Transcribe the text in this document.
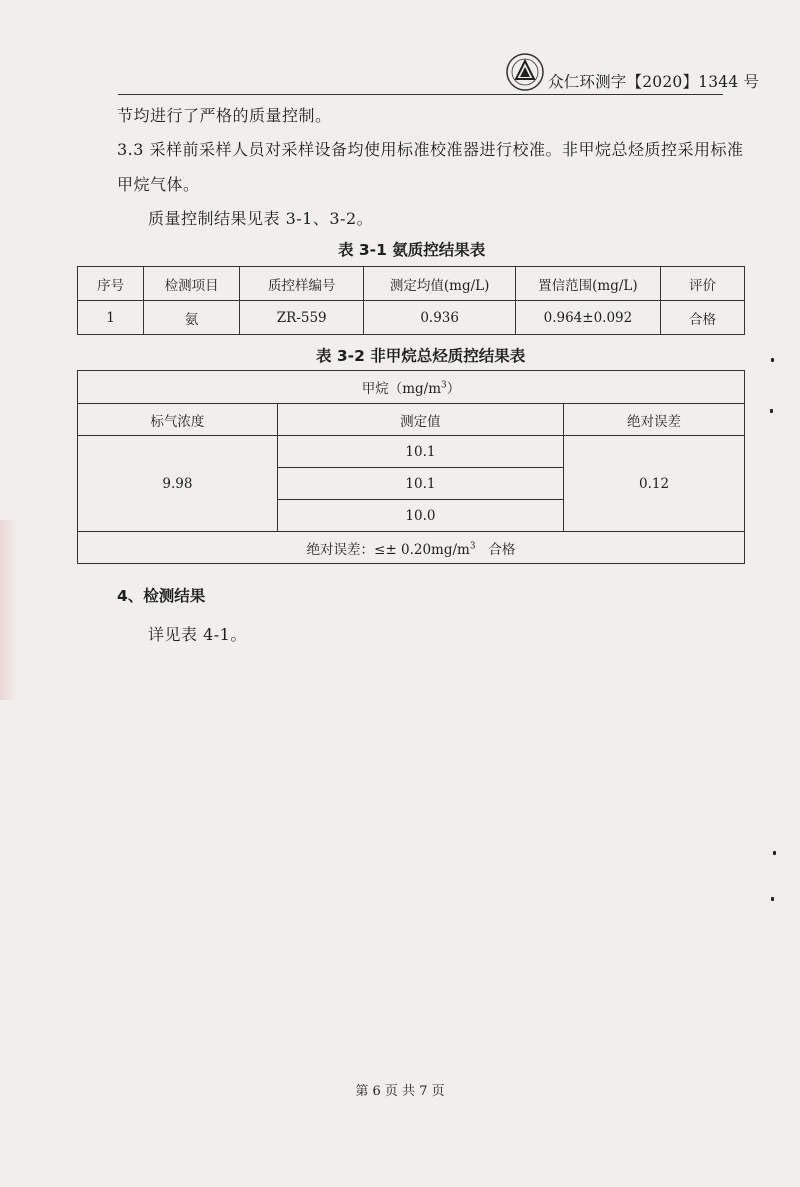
众仁环测字【2020】1344 号
节均进行了严格的质量控制。
3.3 采样前采样人员对采样设备均使用标准校准器进行校准。非甲烷总烃质控采用标准
甲烷气体。
质量控制结果见表 3-1、3-2。
表 3-1 氨质控结果表
序号	检测项目	质控样编号	测定均值(mg/L)	置信范围(mg/L)	评价
1	氨	ZR-559	0.936	0.964±0.092	合格
表 3-2 非甲烷总烃质控结果表
甲烷$(mg/m^3)$		
标气浓度	测定值	绝对误差
9.98	10.1	0.12
	10.1	
	10.0	
绝对误差：≤± $0.20mg/m^3$   合格		
4、检测结果
详见表 4-1。
第 6 页 共 7 页
